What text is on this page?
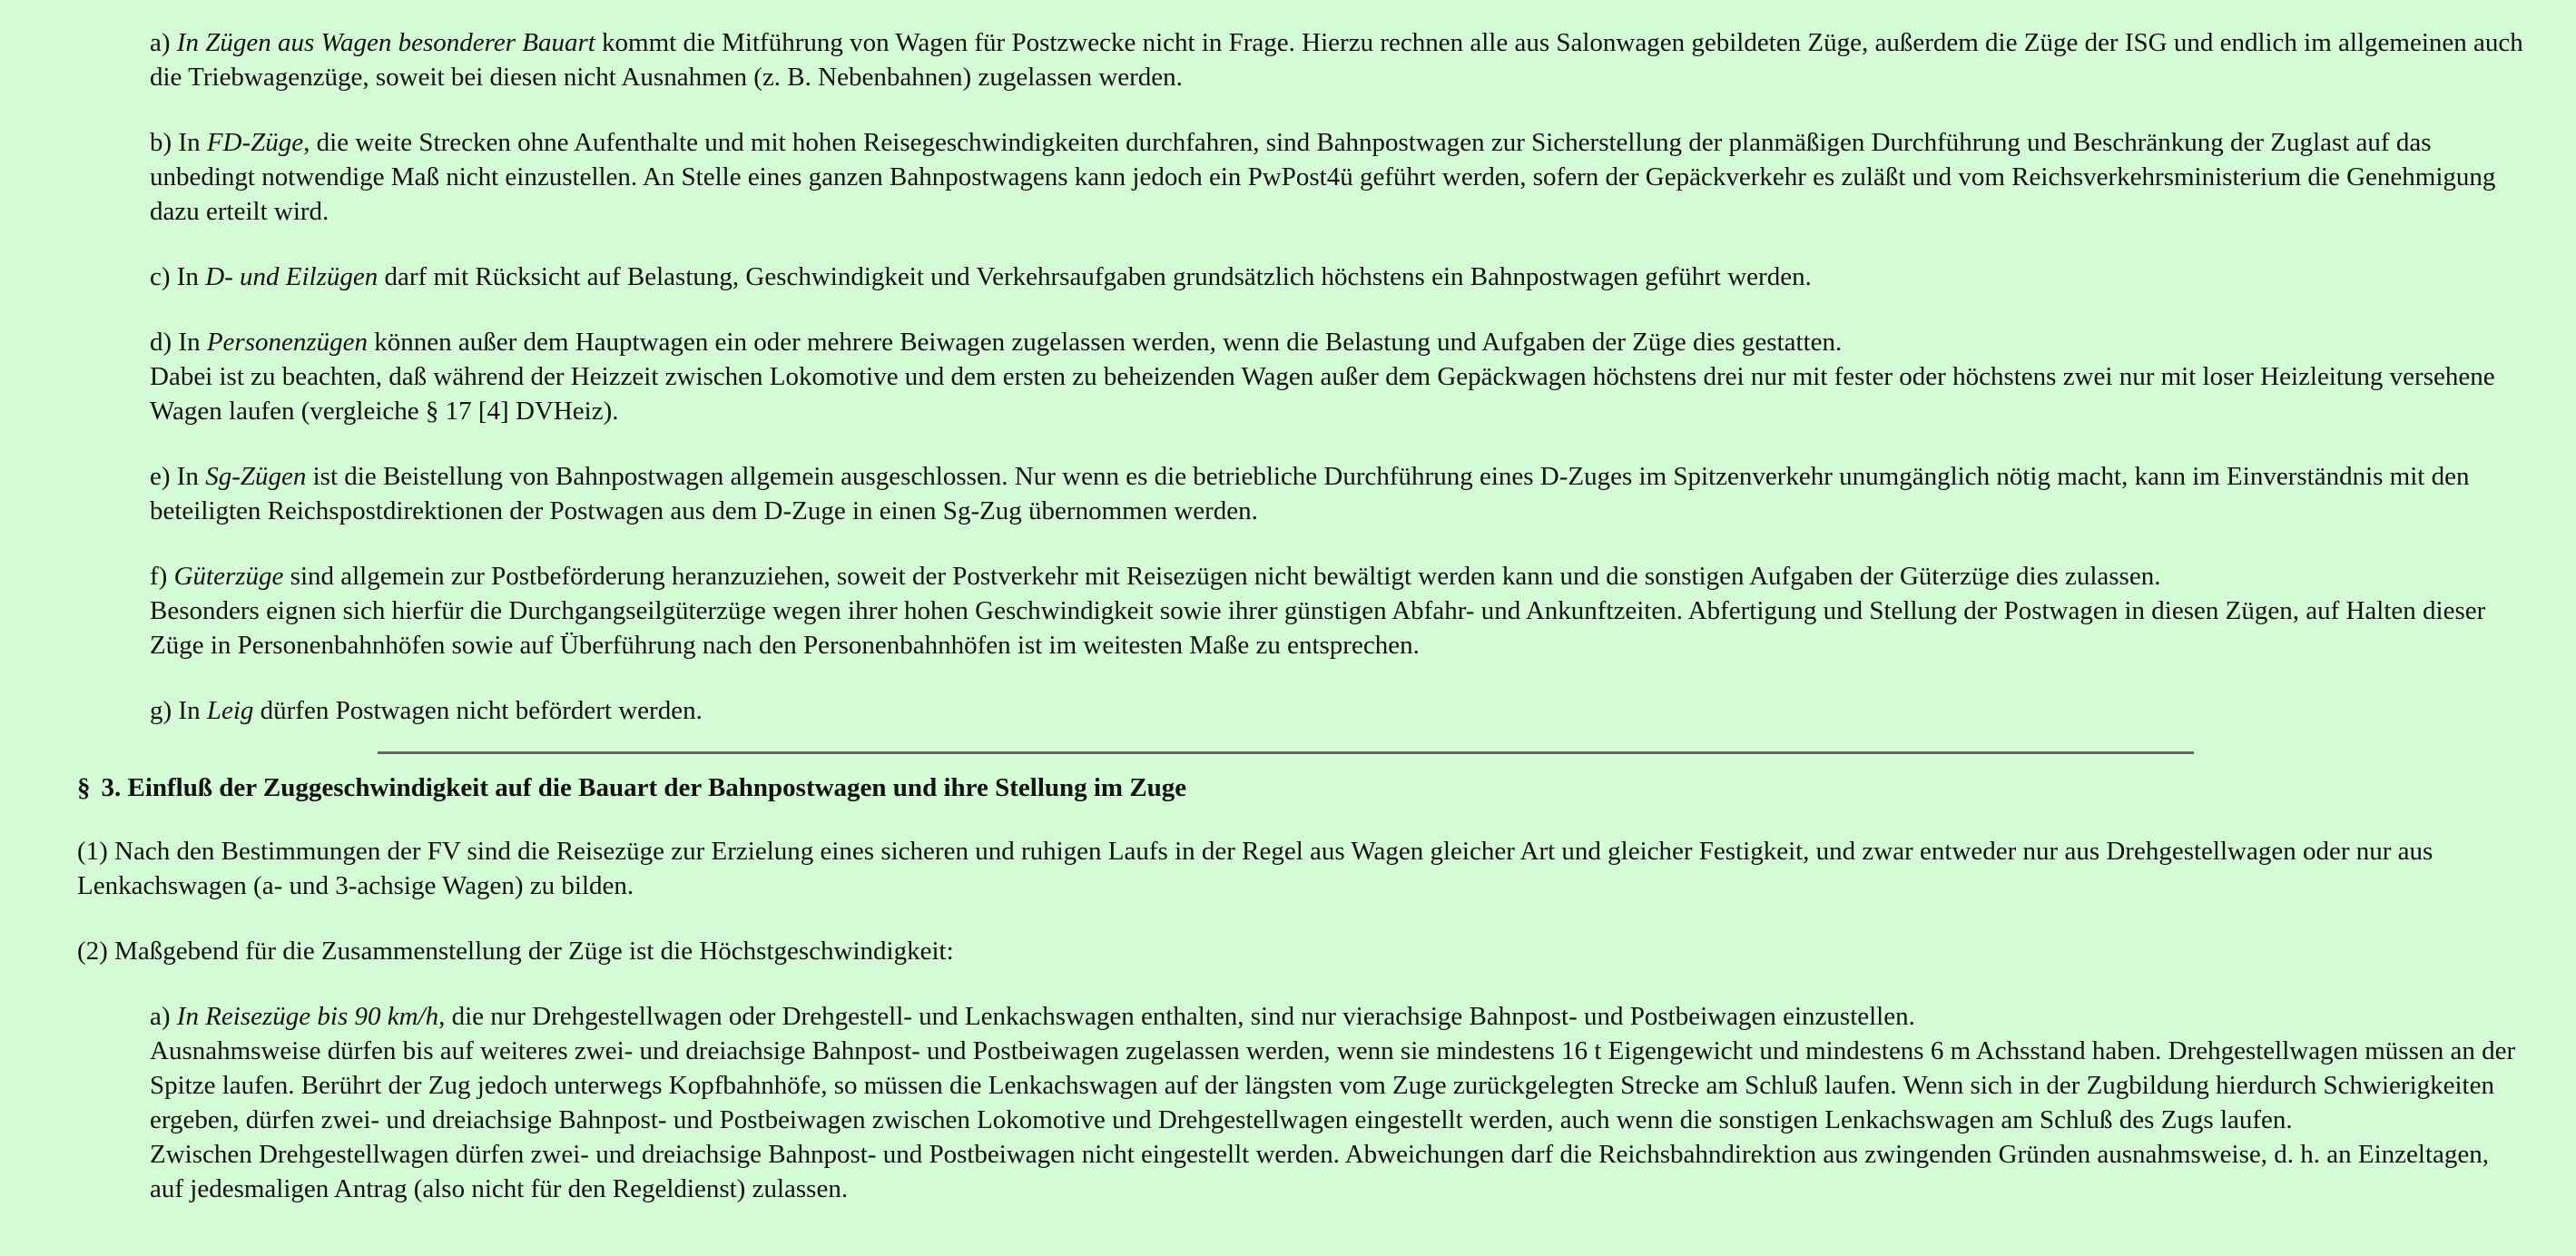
a) In Zügen aus Wagen besonderer Bauart kommt die Mitführung von Wagen für Postzwecke nicht in Frage. Hierzu rechnen alle aus Salonwagen gebildeten Züge, außerdem die Züge der ISG und endlich im allgemeinen auch die Triebwagenzüge, soweit bei diesen nicht Ausnahmen (z. B. Nebenbahnen) zugelassen werden.

b) In FD-Züge, die weite Strecken ohne Aufenthalte und mit hohen Reisegeschwindigkeiten durchfahren, sind Bahnpostwagen zur Sicherstellung der planmäßigen Durchführung und Beschränkung der Zuglast auf das unbedingt notwendige Maß nicht einzustellen. An Stelle eines ganzen Bahnpostwagens kann jedoch ein PwPost4ü geführt werden, sofern der Gepäckverkehr es zuläßt und vom Reichsverkehrsministerium die Genehmigung dazu erteilt wird.

c) In D- und Eilzügen darf mit Rücksicht auf Belastung, Geschwindigkeit und Verkehrsaufgaben grundsätzlich höchstens ein Bahnpostwagen geführt werden.

d) In Personenzügen können außer dem Hauptwagen ein oder mehrere Beiwagen zugelassen werden, wenn die Belastung und Aufgaben der Züge dies gestatten.
Dabei ist zu beachten, daß während der Heizzeit zwischen Lokomotive und dem ersten zu beheizenden Wagen außer dem Gepäckwagen höchstens drei nur mit fester oder höchstens zwei nur mit loser Heizleitung versehene Wagen laufen (vergleiche § 17 [4] DVHeiz).

e) In Sg-Zügen ist die Beistellung von Bahnpostwagen allgemein ausgeschlossen. Nur wenn es die betriebliche Durchführung eines D-Zuges im Spitzenverkehr unumgänglich nötig macht, kann im Einverständnis mit den beteiligten Reichspostdirektionen der Postwagen aus dem D-Zuge in einen Sg-Zug übernommen werden.

f) Güterzüge sind allgemein zur Postbeförderung heranzuziehen, soweit der Postverkehr mit Reisezügen nicht bewältigt werden kann und die sonstigen Aufgaben der Güterzüge dies zulassen.
Besonders eignen sich hierfür die Durchgangseilgüterzüge wegen ihrer hohen Geschwindigkeit sowie ihrer günstigen Abfahr- und Ankunftzeiten. Abfertigung und Stellung der Postwagen in diesen Zügen, auf Halten dieser Züge in Personenbahnhöfen sowie auf Überführung nach den Personenbahnhöfen ist im weitesten Maße zu entsprechen.

g) In Leig dürfen Postwagen nicht befördert werden.

§ 3. Einfluß der Zuggeschwindigkeit auf die Bauart der Bahnpostwagen und ihre Stellung im Zuge

(1) Nach den Bestimmungen der FV sind die Reisezüge zur Erzielung eines sicheren und ruhigen Laufs in der Regel aus Wagen gleicher Art und gleicher Festigkeit, und zwar entweder nur aus Drehgestellwagen oder nur aus Lenkachswagen (a- und 3-achsige Wagen) zu bilden.

(2) Maßgebend für die Zusammenstellung der Züge ist die Höchstgeschwindigkeit:

a) In Reisezüge bis 90 km/h, die nur Drehgestellwagen oder Drehgestell- und Lenkachswagen enthalten, sind nur vierachsige Bahnpost- und Postbeiwagen einzustellen.
Ausnahmsweise dürfen bis auf weiteres zwei- und dreiachsige Bahnpost- und Postbeiwagen zugelassen werden, wenn sie mindestens 16 t Eigengewicht und mindestens 6 m Achsstand haben. Drehgestellwagen müssen an der Spitze laufen. Berührt der Zug jedoch unterwegs Kopfbahnhöfe, so müssen die Lenkachswagen auf der längsten vom Zuge zurückgelegten Strecke am Schluß laufen. Wenn sich in der Zugbildung hierdurch Schwierigkeiten ergeben, dürfen zwei- und dreiachsige Bahnpost- und Postbeiwagen zwischen Lokomotive und Drehgestellwagen eingestellt werden, auch wenn die sonstigen Lenkachswagen am Schluß des Zugs laufen.
Zwischen Drehgestellwagen dürfen zwei- und dreiachsige Bahnpost- und Postbeiwagen nicht eingestellt werden. Abweichungen darf die Reichsbahndirektion aus zwingenden Gründen ausnahmsweise, d. h. an Einzeltagen, auf jedesmaligen Antrag (also nicht für den Regeldienst) zulassen.
